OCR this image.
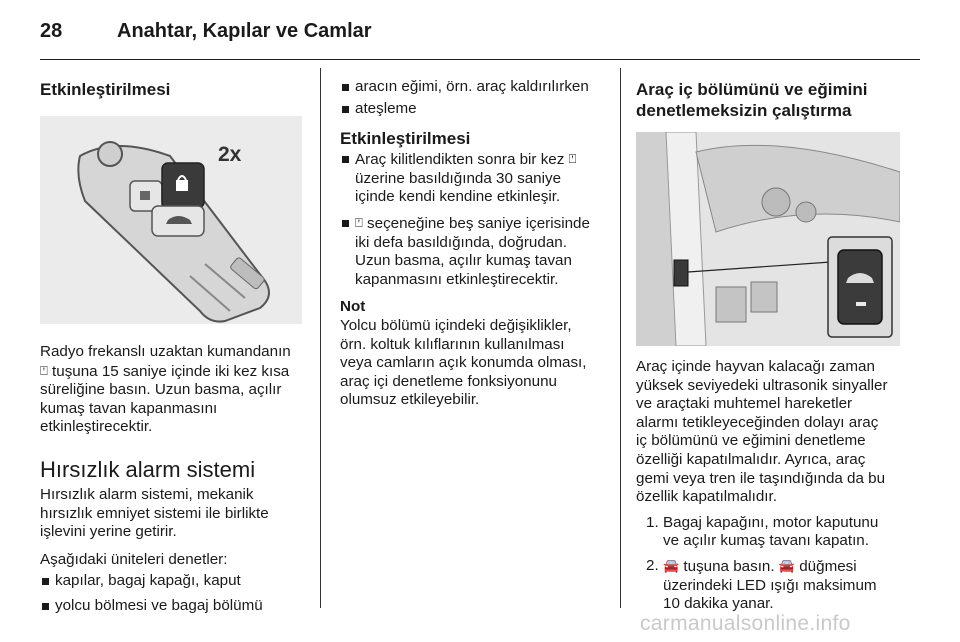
28	Anahtar, Kapılar ve Camlar

Etkinleştirilmesi

2x

Radyo frekanslı uzaktan kumandanın
⍞ tuşuna 15 saniye içinde iki kez kısa
süreliğine basın. Uzun basma, açılır
kumaş tavan kapanmasını
etkinleştirecektir.

Hırsızlık alarm sistemi

Hırsızlık alarm sistemi, mekanik
hırsızlık emniyet sistemi ile birlikte
işlevini yerine getirir.

Aşağıdaki üniteleri denetler:

kapılar, bagaj kapağı, kaput

yolcu bölmesi ve bagaj bölümü

aracın eğimi, örn. araç kaldırılırken

ateşleme

Etkinleştirilmesi

Araç kilitlendikten sonra bir kez ⍞
üzerine basıldığında 30 saniye
içinde kendi kendine etkinleşir.
⍞ seçeneğine beş saniye içerisinde
iki defa basıldığında, doğrudan.
Uzun basma, açılır kumaş tavan
kapanmasını etkinleştirecektir.

Not

Yolcu bölümü içindeki değişiklikler,
örn. koltuk kılıflarının kullanılması
veya camların açık konumda olması,
araç içi denetleme fonksiyonunu
olumsuz etkileyebilir.

Araç iç bölümünü ve eğimini
denetlemeksizin çalıştırma

Araç içinde hayvan kalacağı zaman
yüksek seviyedeki ultrasonik sinyaller
ve araçtaki muhtemel hareketler
alarmı tetikleyeceğinden dolayı araç
iç bölümünü ve eğimini denetleme
özelliği kapatılmalıdır. Ayrıca, araç
gemi veya tren ile taşındığında da bu
özellik kapatılmalıdır.

1. Bagaj kapağını, motor kaputunu
ve açılır kumaş tavanı kapatın.
2. 🚘 tuşuna basın. 🚘 düğmesi
üzerindeki LED ışığı maksimum
10 dakika yanar.
carmanualsonline.info
